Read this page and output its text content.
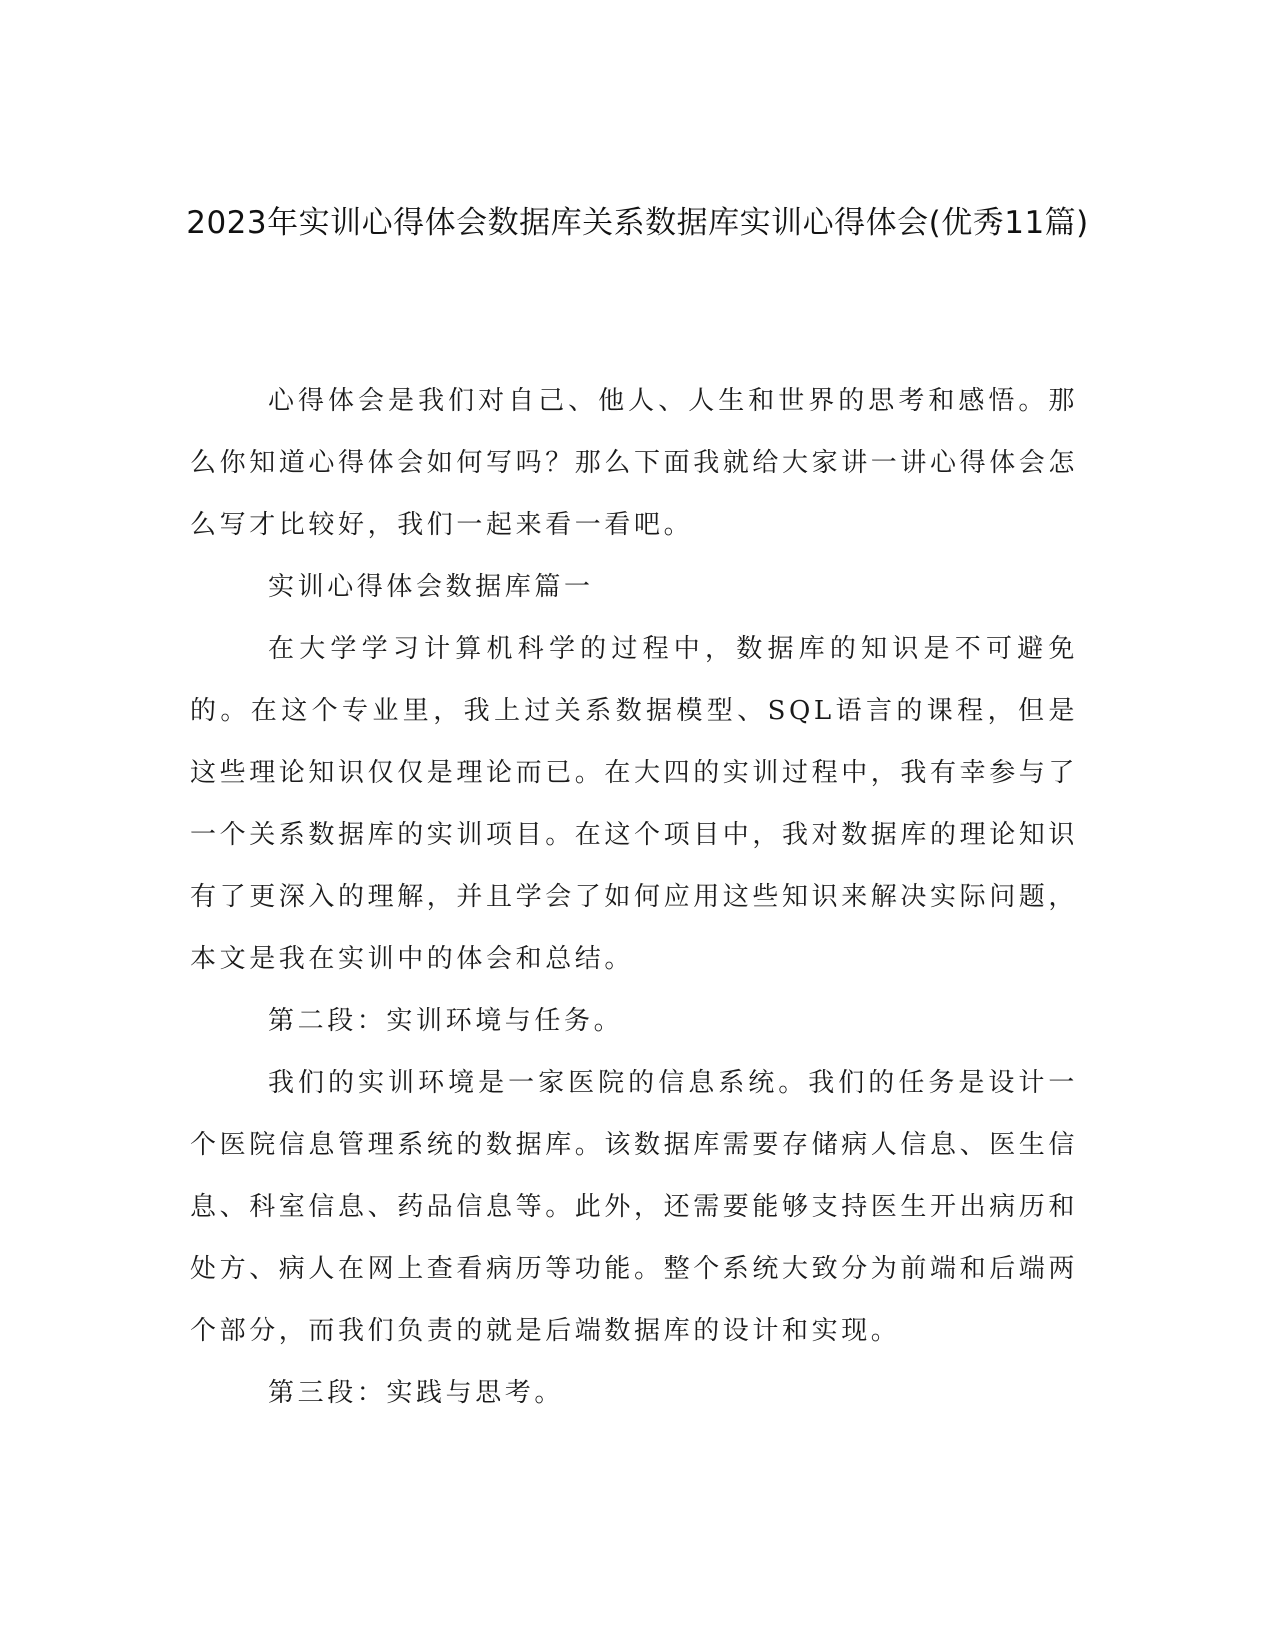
2023年实训心得体会数据库关系数据库实训心得体会(优秀11篇)

心得体会是我们对自己、他人、人生和世界的思考和感悟。那么你知道心得体会如何写吗？那么下面我就给大家讲一讲心得体会怎么写才比较好，我们一起来看一看吧。

实训心得体会数据库篇一

在大学学习计算机科学的过程中，数据库的知识是不可避免的。在这个专业里，我上过关系数据模型、SQL语言的课程，但是这些理论知识仅仅是理论而已。在大四的实训过程中，我有幸参与了一个关系数据库的实训项目。在这个项目中，我对数据库的理论知识有了更深入的理解，并且学会了如何应用这些知识来解决实际问题，本文是我在实训中的体会和总结。

第二段：实训环境与任务。

我们的实训环境是一家医院的信息系统。我们的任务是设计一个医院信息管理系统的数据库。该数据库需要存储病人信息、医生信息、科室信息、药品信息等。此外，还需要能够支持医生开出病历和处方、病人在网上查看病历等功能。整个系统大致分为前端和后端两个部分，而我们负责的就是后端数据库的设计和实现。

第三段：实践与思考。
